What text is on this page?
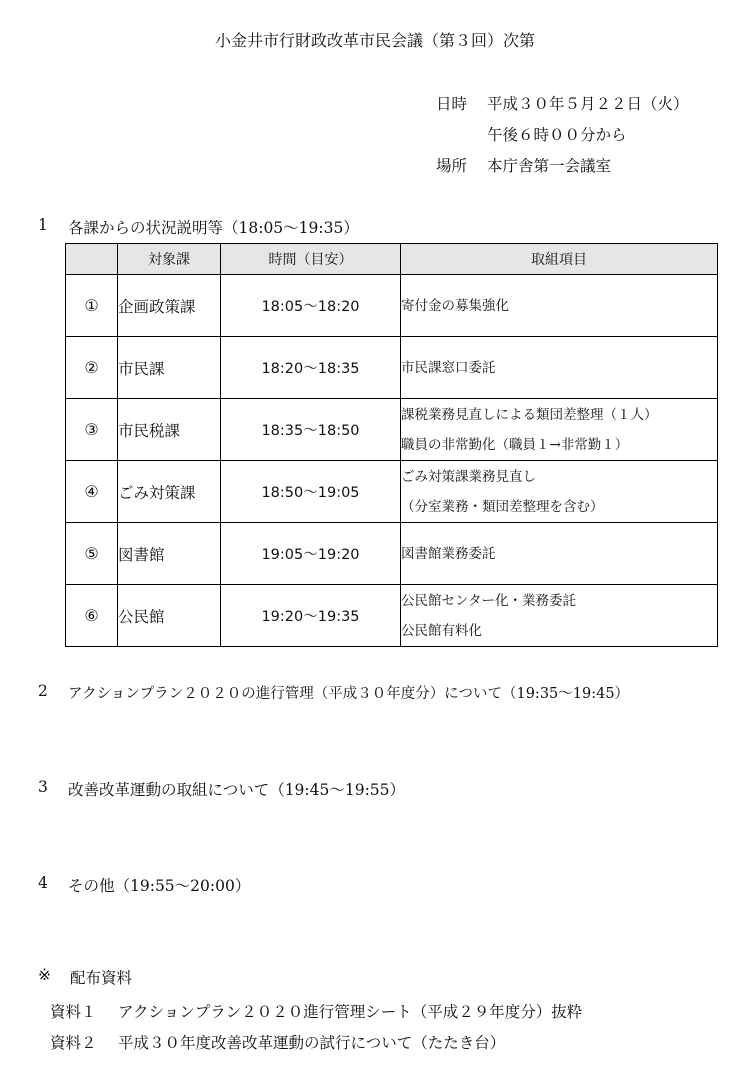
小金井市行財政改革市民会議（第３回）次第
日時 平成３０年５月２２日（火）
午後６時００分から
場所 本庁舎第一会議室
1 各課からの状況説明等（18:05～19:35）
	対象課	時間（目安）	取組項目
①	企画政策課	18:05～18:20	寄付金の募集強化

②	市民課	18:20～18:35	市民課窓口委託

③	市民税課	18:35～18:50	課税業務見直しによる類団差整理（１人）
職員の非常勤化（職員１→非常勤１）

④	ごみ対策課	18:50～19:05	ごみ対策課業務見直し
（分室業務・類団差整理を含む）

⑤	図書館	19:05～19:20	図書館業務委託

⑥	公民館	19:20～19:35	公民館センター化・業務委託
公民館有料化
2 アクションプラン２０２０の進行管理（平成３０年度分）について（19:35～19:45）
3 改善改革運動の取組について（19:45～19:55）
4 その他（19:55～20:00）
※ 配布資料
資料１ アクションプラン２０２０進行管理シート（平成２９年度分）抜粋
資料２ 平成３０年度改善改革運動の試行について（たたき台）
